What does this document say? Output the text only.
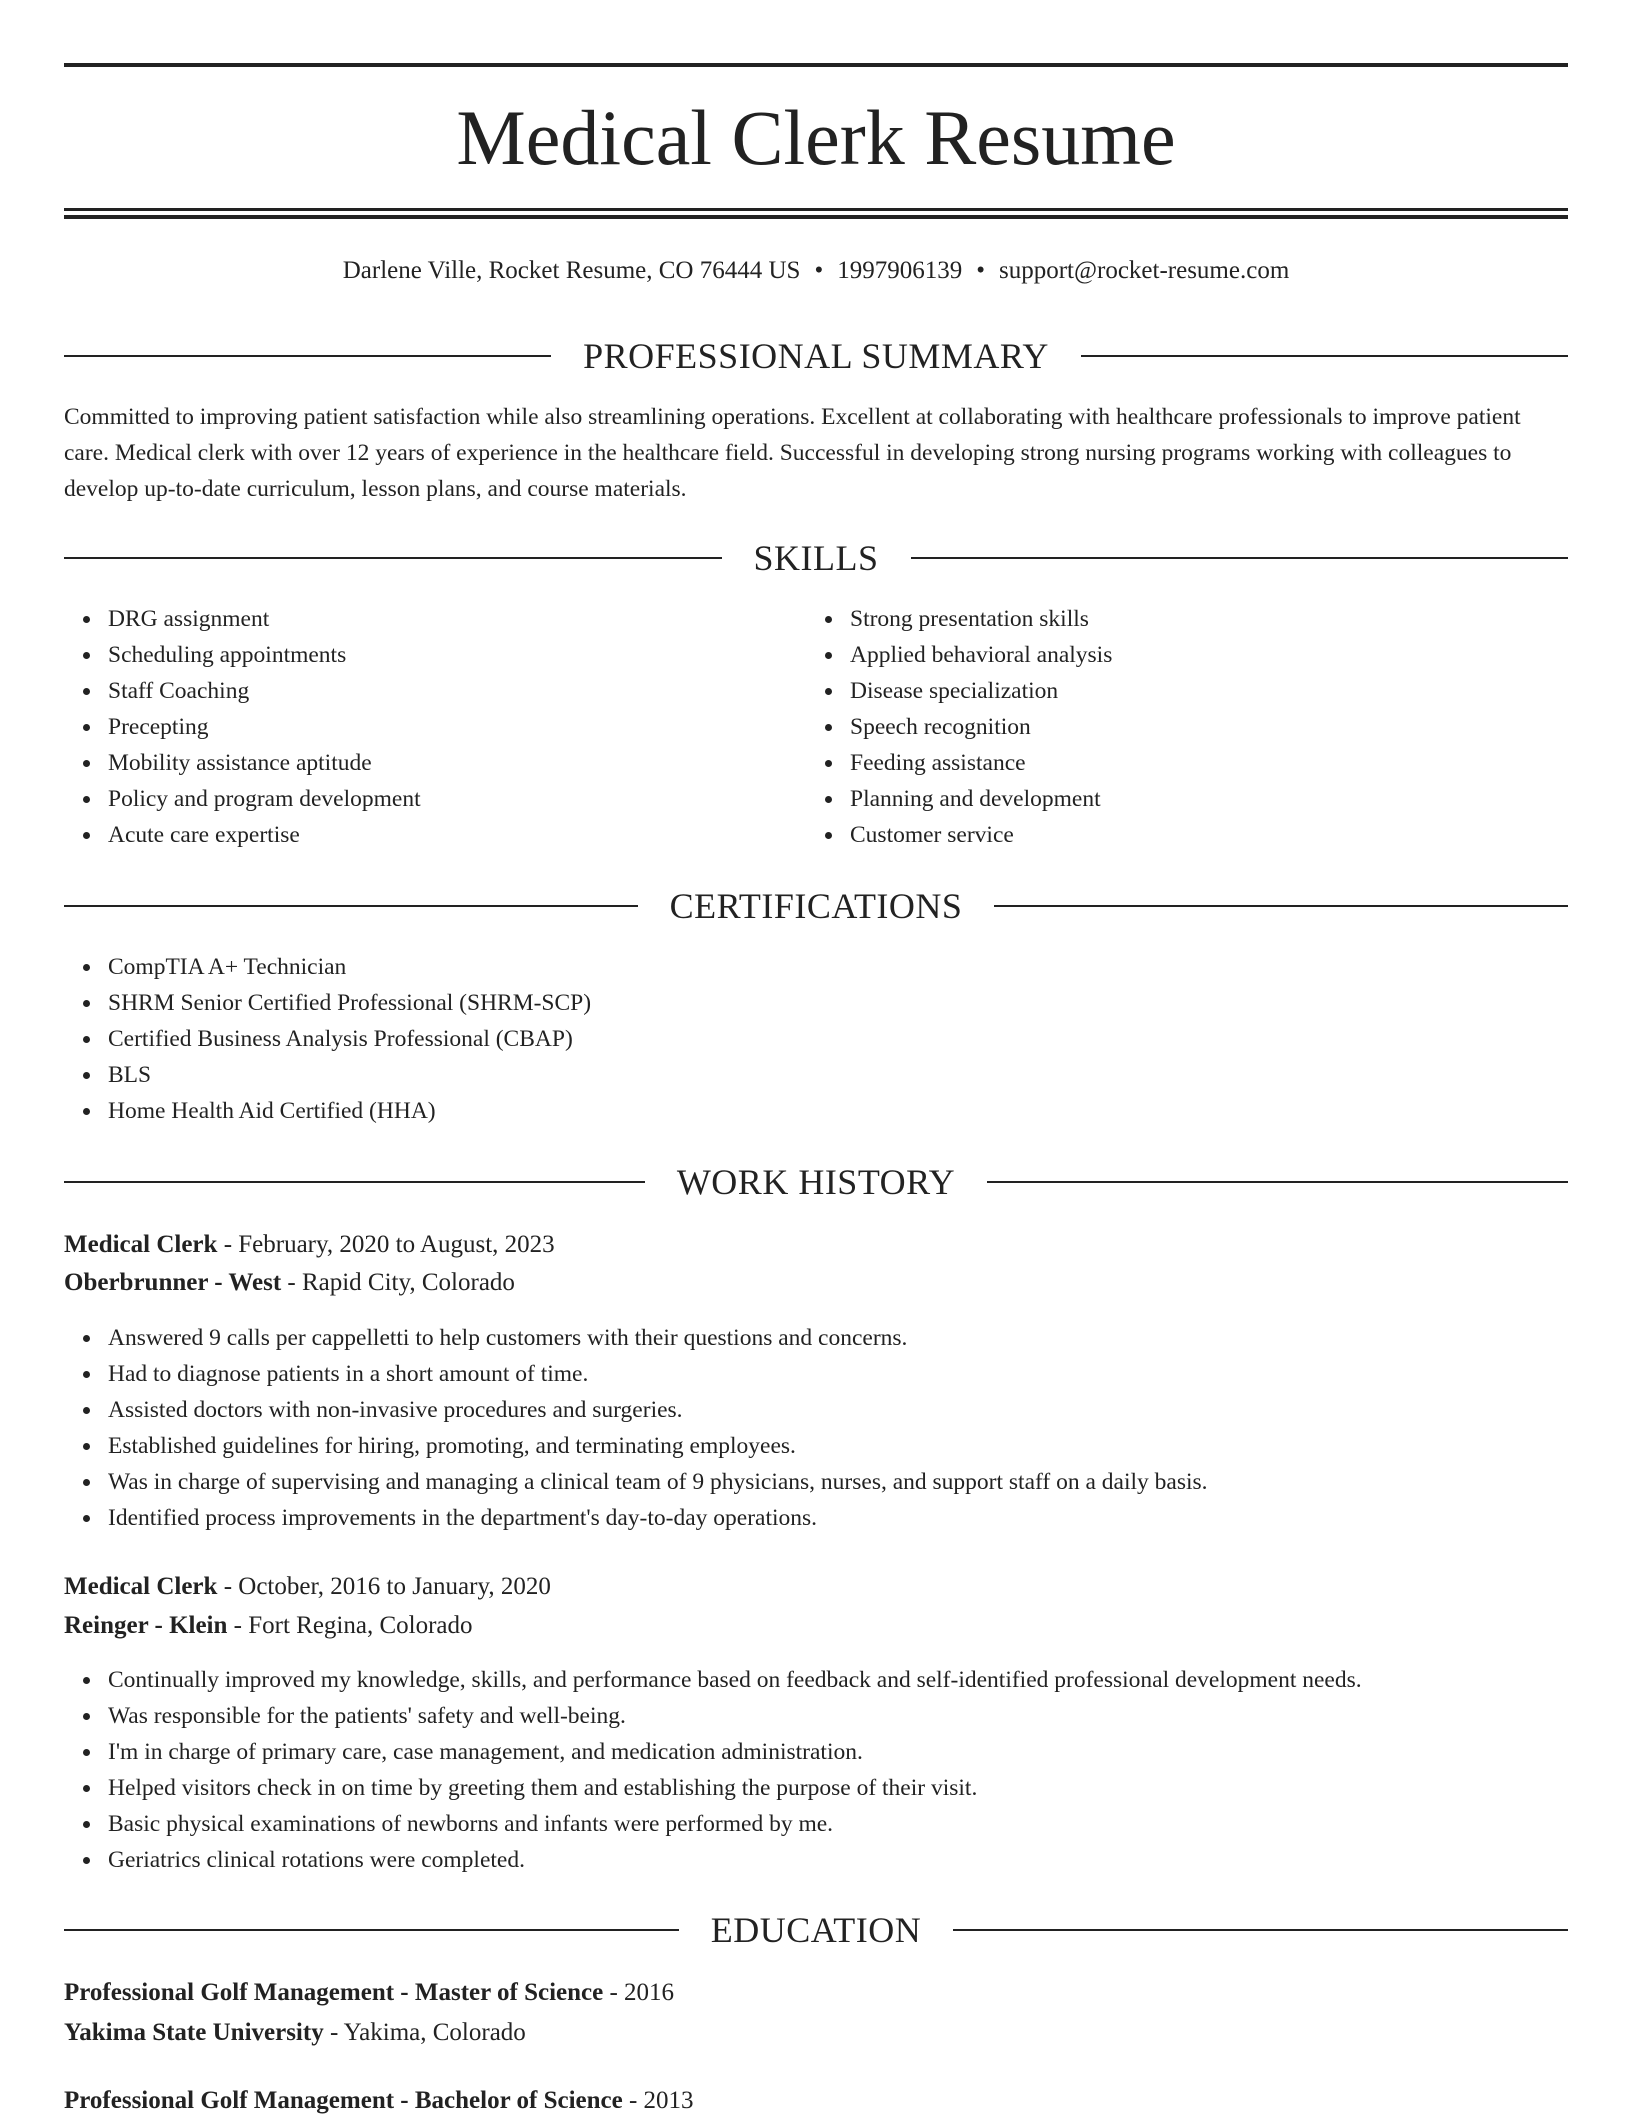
Medical Clerk Resume
Darlene Ville, Rocket Resume, CO 76444 US • 1997906139 • support@rocket-resume.com
PROFESSIONAL SUMMARY
Committed to improving patient satisfaction while also streamlining operations. Excellent at collaborating with healthcare professionals to improve patient care. Medical clerk with over 12 years of experience in the healthcare field. Successful in developing strong nursing programs working with colleagues to develop up-to-date curriculum, lesson plans, and course materials.
SKILLS
DRG assignment
Scheduling appointments
Staff Coaching
Precepting
Mobility assistance aptitude
Policy and program development
Acute care expertise
Strong presentation skills
Applied behavioral analysis
Disease specialization
Speech recognition
Feeding assistance
Planning and development
Customer service
CERTIFICATIONS
CompTIA A+ Technician
SHRM Senior Certified Professional (SHRM-SCP)
Certified Business Analysis Professional (CBAP)
BLS
Home Health Aid Certified (HHA)
WORK HISTORY
Medical Clerk - February, 2020 to August, 2023
Oberbrunner - West - Rapid City, Colorado
Answered 9 calls per cappelletti to help customers with their questions and concerns.
Had to diagnose patients in a short amount of time.
Assisted doctors with non-invasive procedures and surgeries.
Established guidelines for hiring, promoting, and terminating employees.
Was in charge of supervising and managing a clinical team of 9 physicians, nurses, and support staff on a daily basis.
Identified process improvements in the department's day-to-day operations.
Medical Clerk - October, 2016 to January, 2020
Reinger - Klein - Fort Regina, Colorado
Continually improved my knowledge, skills, and performance based on feedback and self-identified professional development needs.
Was responsible for the patients' safety and well-being.
I'm in charge of primary care, case management, and medication administration.
Helped visitors check in on time by greeting them and establishing the purpose of their visit.
Basic physical examinations of newborns and infants were performed by me.
Geriatrics clinical rotations were completed.
EDUCATION
Professional Golf Management - Master of Science - 2016
Yakima State University - Yakima, Colorado
Professional Golf Management - Bachelor of Science - 2013
